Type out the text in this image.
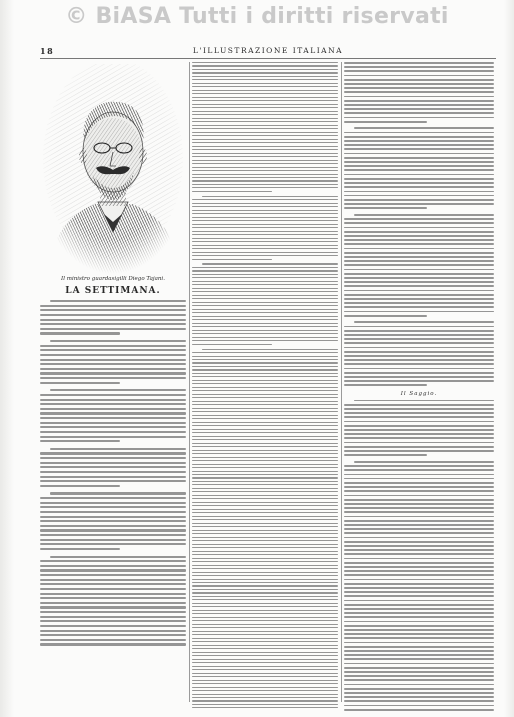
© BiASA Tutti i diritti riservati
18	L'ILLUSTRAZIONE ITALIANA
Il ministro guardasigilli Diego Tajani.
LA SETTIMANA.
Il Saggio.
